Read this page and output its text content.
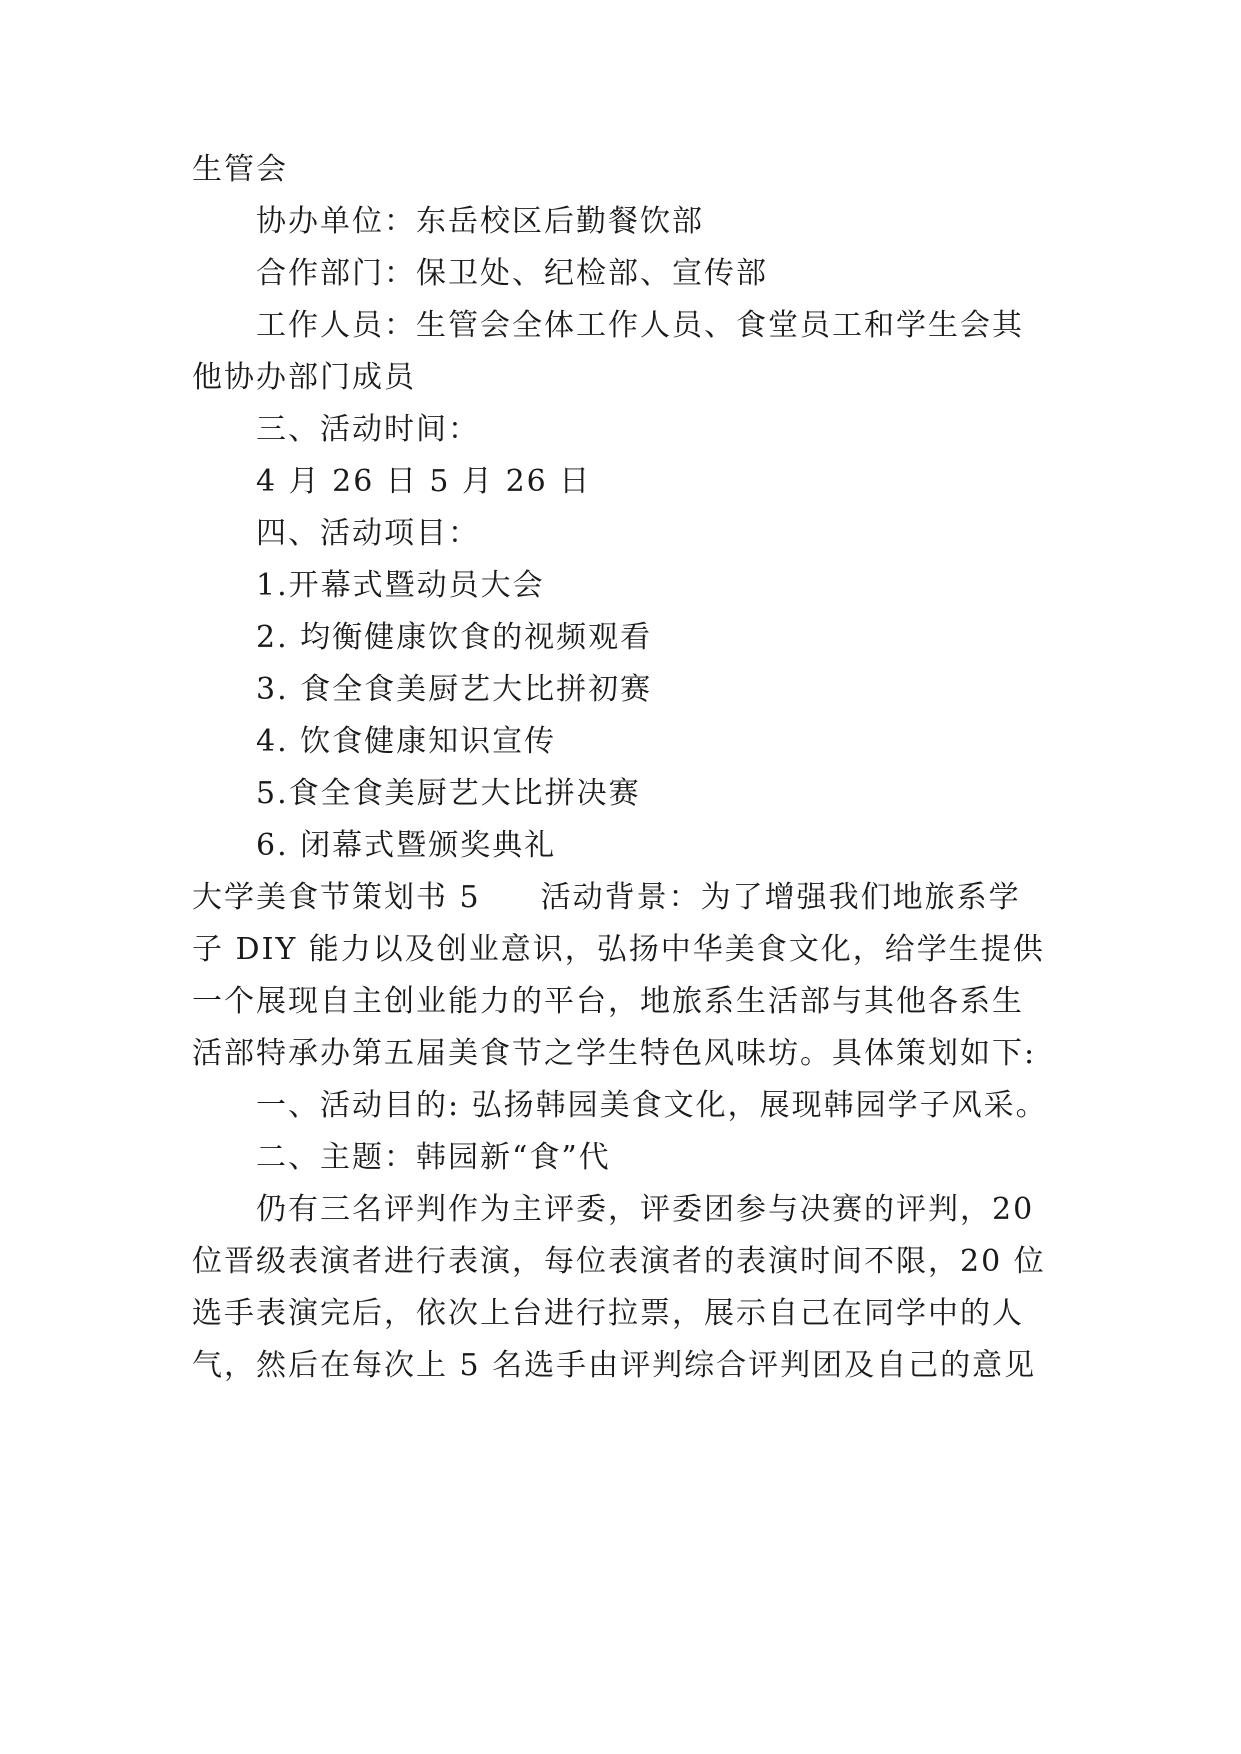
生管会
协办单位：东岳校区后勤餐饮部
合作部门：保卫处、纪检部、宣传部
工作人员：生管会全体工作人员、食堂员工和学生会其
他协办部门成员
三、活动时间：
4 月 26 日 5 月 26 日
四、活动项目：
1.开幕式暨动员大会
2. 均衡健康饮食的视频观看
3. 食全食美厨艺大比拼初赛
4. 饮食健康知识宣传
5.食全食美厨艺大比拼决赛
6. 闭幕式暨颁奖典礼
大学美食节策划书 5 活动背景：为了增强我们地旅系学
子 DIY 能力以及创业意识，弘扬中华美食文化，给学生提供
一个展现自主创业能力的平台，地旅系生活部与其他各系生
活部特承办第五届美食节之学生特色风味坊。具体策划如下:
一、活动目的: 弘扬韩园美食文化，展现韩园学子风采。
二、主题：韩园新“食”代
仍有三名评判作为主评委，评委团参与决赛的评判，20
位晋级表演者进行表演，每位表演者的表演时间不限，20 位
选手表演完后，依次上台进行拉票，展示自己在同学中的人
气，然后在每次上 5 名选手由评判综合评判团及自己的意见
